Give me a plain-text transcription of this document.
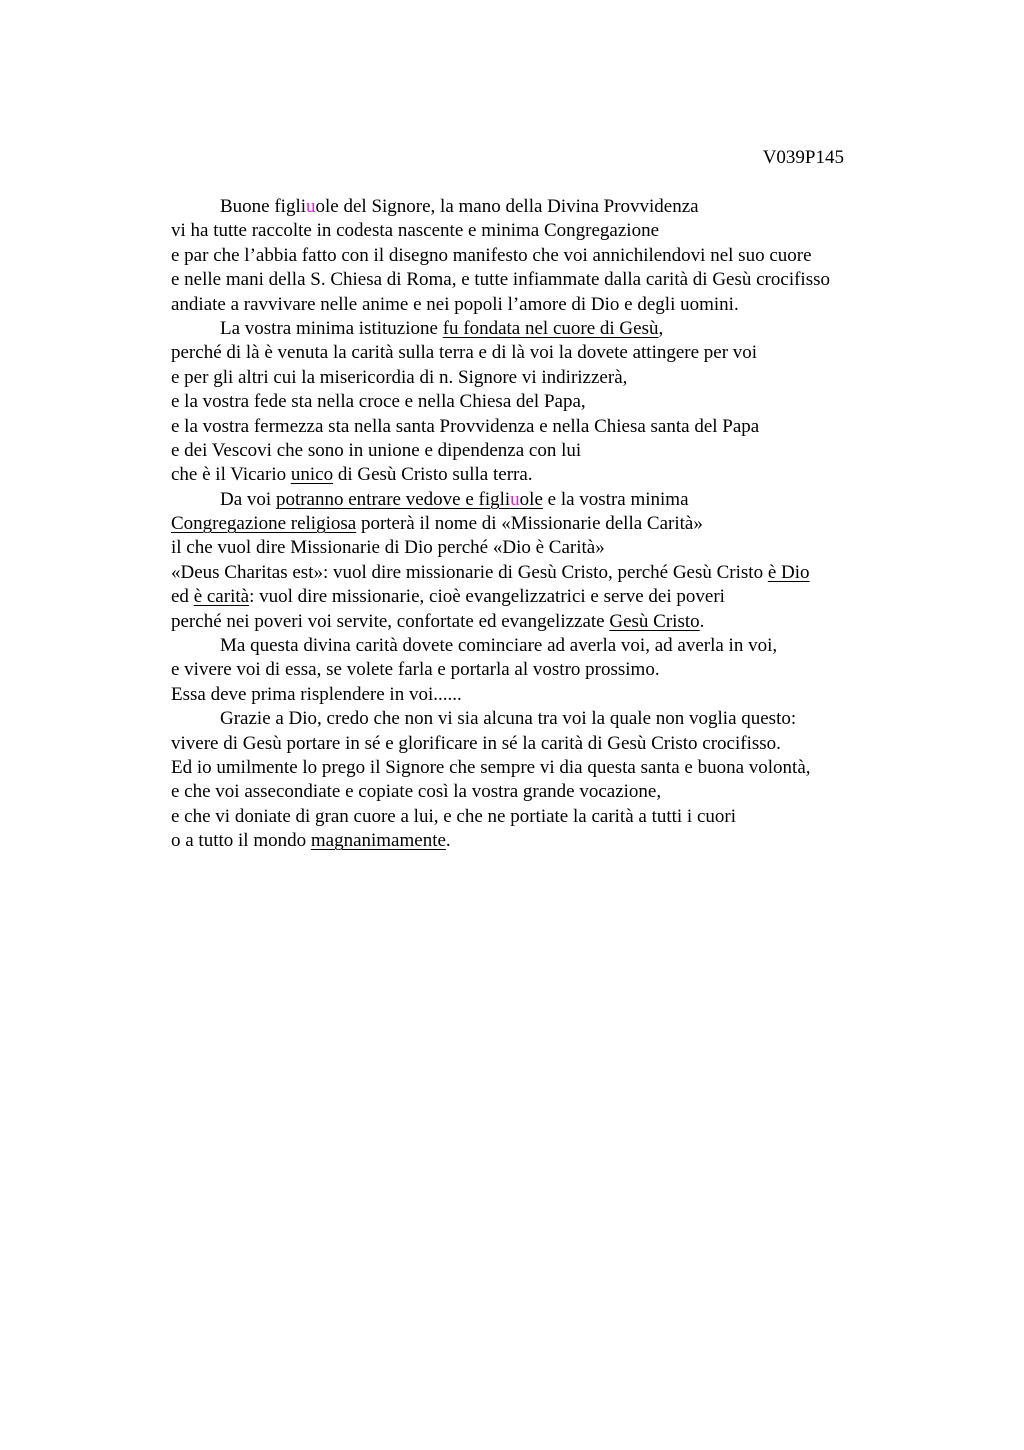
V039P145
Buone figliuole del Signore, la mano della Divina Provvidenza
vi ha tutte raccolte in codesta nascente e minima Congregazione
e par che l’abbia fatto con il disegno manifesto che voi annichilendovi nel suo cuore
e nelle mani della S. Chiesa di Roma, e tutte infiammate dalla carità di Gesù crocifisso
andiate a ravvivare nelle anime e nei popoli l’amore di Dio e degli uomini.
La vostra minima istituzione fu fondata nel cuore di Gesù,
perché di là è venuta la carità sulla terra e di là voi la dovete attingere per voi
e per gli altri cui la misericordia di n. Signore vi indirizzerà,
e la vostra fede sta nella croce e nella Chiesa del Papa,
e la vostra fermezza sta nella santa Provvidenza e nella Chiesa santa del Papa
e dei Vescovi che sono in unione e dipendenza con lui
che è il Vicario unico di Gesù Cristo sulla terra.
Da voi potranno entrare vedove e figliuole e la vostra minima
Congregazione religiosa porterà il nome di «Missionarie della Carità»
il che vuol dire Missionarie di Dio perché «Dio è Carità»
«Deus Charitas est»: vuol dire missionarie di Gesù Cristo, perché Gesù Cristo è Dio
ed è carità: vuol dire missionarie, cioè evangelizzatrici e serve dei poveri
perché nei poveri voi servite, confortate ed evangelizzate Gesù Cristo.
Ma questa divina carità dovete cominciare ad averla voi, ad averla in voi,
e vivere voi di essa, se volete farla e portarla al vostro prossimo.
Essa deve prima risplendere in voi......
Grazie a Dio, credo che non vi sia alcuna tra voi la quale non voglia questo:
vivere di Gesù portare in sé e glorificare in sé la carità di Gesù Cristo crocifisso.
Ed io umilmente lo prego il Signore che sempre vi dia questa santa e buona volontà,
e che voi assecondiate e copiate così la vostra grande vocazione,
e che vi doniate di gran cuore a lui, e che ne portiate la carità a tutti i cuori
o a tutto il mondo magnanimamente.
